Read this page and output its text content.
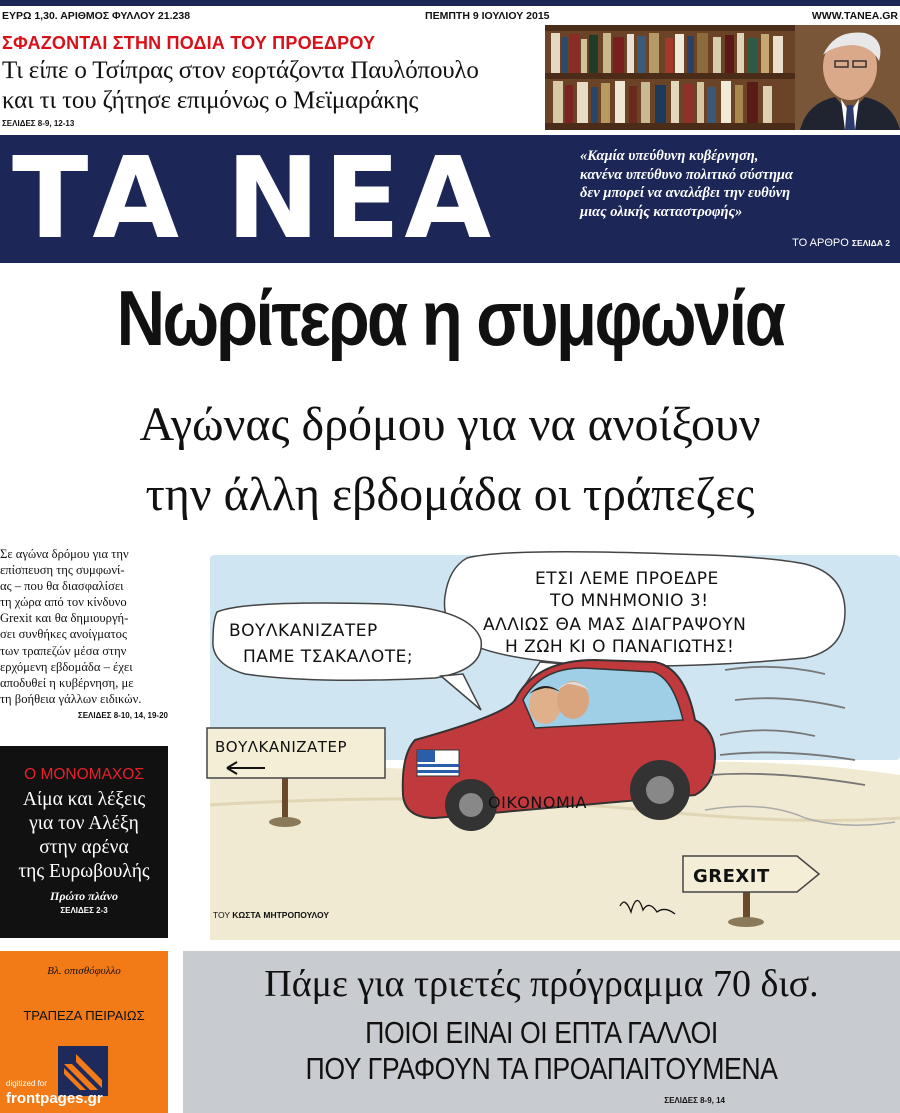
ΕΥΡΩ 1,30. ΑΡΙΘΜΟΣ ΦΥΛΛΟΥ 21.238	ΠΕΜΠΤΗ 9 ΙΟΥΛΙΟΥ 2015	WWW.TANEA.GR
ΣΦΑΖΟΝΤΑΙ ΣΤΗΝ ΠΟΔΙΑ ΤΟΥ ΠΡΟΕΔΡΟΥ
Τι είπε ο Τσίπρας στον εορτάζοντα Παυλόπουλο
και τι του ζήτησε επιμόνως ο Μεϊμαράκης
ΣΕΛΙΔΕΣ 8-9, 12-13
ΤΑ ΝΕΑ	«Καμία υπεύθυνη κυβέρνηση,
κανένα υπεύθυνο πολιτικό σύστημα
δεν μπορεί να αναλάβει την ευθύνη
μιας ολικής καταστροφής»
ΤΟ ΑΡΘΡΟ ΣΕΛΙΔΑ 2
Νωρίτερα η συμφωνία
Αγώνας δρόμου για να ανοίξουν
την άλλη εβδομάδα οι τράπεζες
Σε αγώνα δρόμου για την
επίσπευση της συμφωνί-
ας – που θα διασφαλίσει
τη χώρα από τον κίνδυνο
Grexit και θα δημιουργή-
σει συνθήκες ανοίγματος
των τραπεζών μέσα στην
ερχόμενη εβδομάδα – έχει
αποδυθεί η κυβέρνηση, με
τη βοήθεια γάλλων ειδικών.
ΣΕΛΙΔΕΣ 8-10, 14, 19-20
Ο ΜΟΝΟΜΑΧΟΣ
Αίμα και λέξεις
για τον Αλέξη
στην αρένα
της Ευρωβουλής
Πρώτο πλάνο
ΣΕΛΙΔΕΣ 2-3
ΕΤΣΙ ΛΕΜΕ ΠΡΟΕΔΡΕ
ΤΟ ΜΝΗΜΟΝΙΟ 3!
ΑΛΛΙΩΣ ΘΑ ΜΑΣ ΔΙΑΓΡΑΨΟΥΝ
Η ΖΩΗ ΚΙ Ο ΠΑΝΑΓΙΩΤΗΣ!
ΒΟΥΛΚΑΝΙΖΑΤΕΡ
ΠΑΜΕ ΤΣΑΚΑΛΟΤΕ;
ΒΟΥΛΚΑΝΙΖΑΤΕΡ
ΟΙΚΟΝΟΜΙΑ
GREXIT
ΤΟΥ ΚΩΣΤΑ ΜΗΤΡΟΠΟΥΛΟΥ
Βλ. οπισθόφυλλο
ΤΡΑΠΕΖΑ ΠΕΙΡΑΙΩΣ
digitized for
frontpages.gr
Πάμε για τριετές πρόγραμμα 70 δισ.
ΠΟΙΟΙ ΕΙΝΑΙ ΟΙ ΕΠΤΑ ΓΑΛΛΟΙ
ΠΟΥ ΓΡΑΦΟΥΝ ΤΑ ΠΡΟΑΠΑΙΤΟΥΜΕΝΑ
ΣΕΛΙΔΕΣ 8-9, 14
